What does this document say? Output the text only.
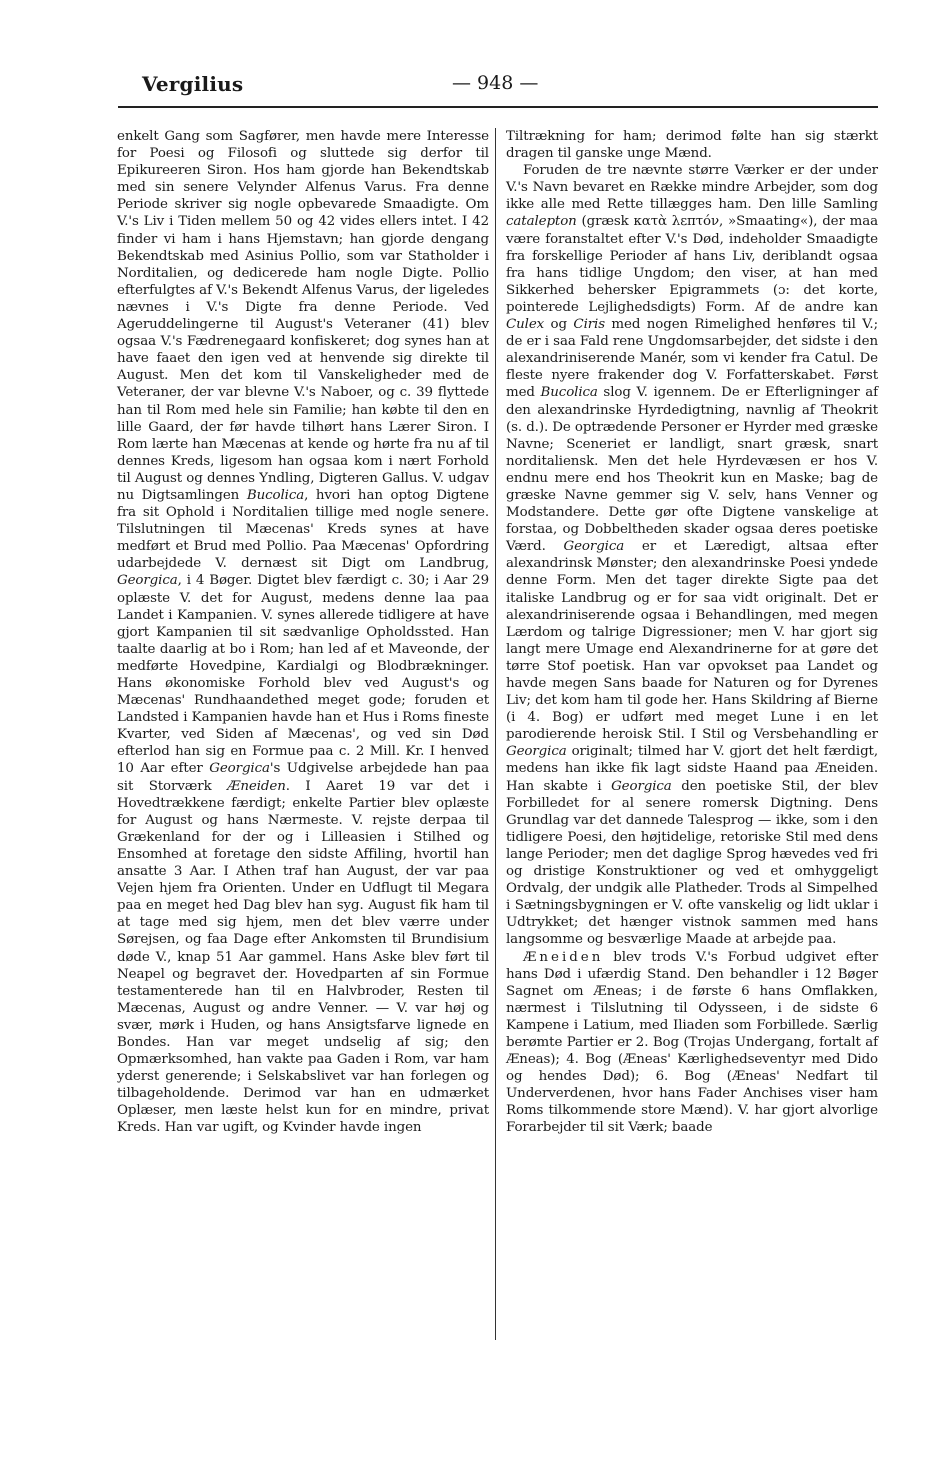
Vergilius	— 948 —

enkelt Gang som Sagfører, men havde mere Interesse for Poesi og Filosofi og sluttede sig derfor til Epikureeren Siron. Hos ham gjorde han Bekendtskab med sin senere Velynder Alfenus Varus. Fra denne Periode skriver sig nogle opbevarede Smaadigte. Om V.'s Liv i Tiden mellem 50 og 42 vides ellers intet. I 42 finder vi ham i hans Hjemstavn; han gjorde dengang Bekendtskab med Asinius Pollio, som var Statholder i Norditalien, og dedicerede ham nogle Digte. Pollio efterfulgtes af V.'s Bekendt Alfenus Varus, der ligeledes nævnes i V.'s Digte fra denne Periode. Ved Ageruddelingerne til August's Veteraner (41) blev ogsaa V.'s Fædrenegaard konfiskeret; dog synes han at have faaet den igen ved at henvende sig direkte til August. Men det kom til Vanskeligheder med de Veteraner, der var blevne V.'s Naboer, og c. 39 flyttede han til Rom med hele sin Familie; han købte til den en lille Gaard, der før havde tilhørt hans Lærer Siron. I Rom lærte han Mæcenas at kende og hørte fra nu af til dennes Kreds, ligesom han ogsaa kom i nært Forhold til August og dennes Yndling, Digteren Gallus. V. udgav nu Digtsamlingen Bucolica, hvori han optog Digtene fra sit Ophold i Norditalien tillige med nogle senere. Tilslutningen til Mæcenas' Kreds synes at have medført et Brud med Pollio. Paa Mæcenas' Opfordring udarbejdede V. dernæst sit Digt om Landbrug, Georgica, i 4 Bøger. Digtet blev færdigt c. 30; i Aar 29 oplæste V. det for August, medens denne laa paa Landet i Kampanien. V. synes allerede tidligere at have gjort Kampanien til sit sædvanlige Opholdssted. Han taalte daarlig at bo i Rom; han led af et Maveonde, der medførte Hovedpine, Kardialgi og Blodbrækninger. Hans økonomiske Forhold blev ved August's og Mæcenas' Rundhaandethed meget gode; foruden et Landsted i Kampanien havde han et Hus i Roms fineste Kvarter, ved Siden af Mæcenas', og ved sin Død efterlod han sig en Formue paa c. 2 Mill. Kr. I henved 10 Aar efter Georgica's Udgivelse arbejdede han paa sit Storværk Æneiden. I Aaret 19 var det i Hovedtrækkene færdigt; enkelte Partier blev oplæste for August og hans Nærmeste. V. rejste derpaa til Grækenland for der og i Lilleasien i Stilhed og Ensomhed at foretage den sidste Affiling, hvortil han ansatte 3 Aar. I Athen traf han August, der var paa Vejen hjem fra Orienten. Under en Udflugt til Megara paa en meget hed Dag blev han syg. August fik ham til at tage med sig hjem, men det blev værre under Sørejsen, og faa Dage efter Ankomsten til Brundisium døde V., knap 51 Aar gammel. Hans Aske blev ført til Neapel og begravet der. Hovedparten af sin Formue testamenterede han til en Halvbroder, Resten til Mæcenas, August og andre Venner. — V. var høj og svær, mørk i Huden, og hans Ansigtsfarve lignede en Bondes. Han var meget undselig af sig; den Opmærksomhed, han vakte paa Gaden i Rom, var ham yderst generende; i Selskabslivet var han forlegen og tilbageholdende. Derimod var han en udmærket Oplæser, men læste helst kun for en mindre, privat Kreds. Han var ugift, og Kvinder havde ingen

Tiltrækning for ham; derimod følte han sig stærkt dragen til ganske unge Mænd.

Foruden de tre nævnte større Værker er der under V.'s Navn bevaret en Række mindre Arbejder, som dog ikke alle med Rette tillægges ham. Den lille Samling catalepton (græsk κατὰ λεπτόν, »Smaating«), der maa være foranstaltet efter V.'s Død, indeholder Smaadigte fra forskellige Perioder af hans Liv, deriblandt ogsaa fra hans tidlige Ungdom; den viser, at han med Sikkerhed behersker Epigrammets (ɔ: det korte, pointerede Lejlighedsdigts) Form. Af de andre kan Culex og Ciris med nogen Rimelighed henføres til V.; de er i saa Fald rene Ungdomsarbejder, det sidste i den alexandriniserende Manér, som vi kender fra Catul. De fleste nyere frakender dog V. Forfatterskabet. Først med Bucolica slog V. igennem. De er Efterligninger af den alexandrinske Hyrdedigtning, navnlig af Theokrit (s. d.). De optrædende Personer er Hyrder med græske Navne; Sceneriet er landligt, snart græsk, snart norditaliensk. Men det hele Hyrdevæsen er hos V. endnu mere end hos Theokrit kun en Maske; bag de græske Navne gemmer sig V. selv, hans Venner og Modstandere. Dette gør ofte Digtene vanskelige at forstaa, og Dobbeltheden skader ogsaa deres poetiske Værd. Georgica er et Læredigt, altsaa efter alexandrinsk Mønster; den alexandrinske Poesi yndede denne Form. Men det tager direkte Sigte paa det italiske Landbrug og er for saa vidt originalt. Det er alexandriniserende ogsaa i Behandlingen, med megen Lærdom og talrige Digressioner; men V. har gjort sig langt mere Umage end Alexandrinerne for at gøre det tørre Stof poetisk. Han var opvokset paa Landet og havde megen Sans baade for Naturen og for Dyrenes Liv; det kom ham til gode her. Hans Skildring af Bierne (i 4. Bog) er udført med meget Lune i en let parodierende heroisk Stil. I Stil og Versbehandling er Georgica originalt; tilmed har V. gjort det helt færdigt, medens han ikke fik lagt sidste Haand paa Æneiden. Han skabte i Georgica den poetiske Stil, der blev Forbilledet for al senere romersk Digtning. Dens Grundlag var det dannede Talesprog — ikke, som i den tidligere Poesi, den højtidelige, retoriske Stil med dens lange Perioder; men det daglige Sprog hævedes ved fri og dristige Konstruktioner og ved et omhyggeligt Ordvalg, der undgik alle Platheder. Trods al Simpelhed i Sætningsbygningen er V. ofte vanskelig og lidt uklar i Udtrykket; det hænger vistnok sammen med hans langsomme og besværlige Maade at arbejde paa.

Æneiden blev trods V.'s Forbud udgivet efter hans Død i ufærdig Stand. Den behandler i 12 Bøger Sagnet om Æneas; i de første 6 hans Omflakken, nærmest i Tilslutning til Odysseen, i de sidste 6 Kampene i Latium, med Iliaden som Forbillede. Særlig berømte Partier er 2. Bog (Trojas Undergang, fortalt af Æneas); 4. Bog (Æneas' Kærlighedseventyr med Dido og hendes Død); 6. Bog (Æneas' Nedfart til Underverdenen, hvor hans Fader Anchises viser ham Roms tilkommende store Mænd). V. har gjort alvorlige Forarbejder til sit Værk; baade
